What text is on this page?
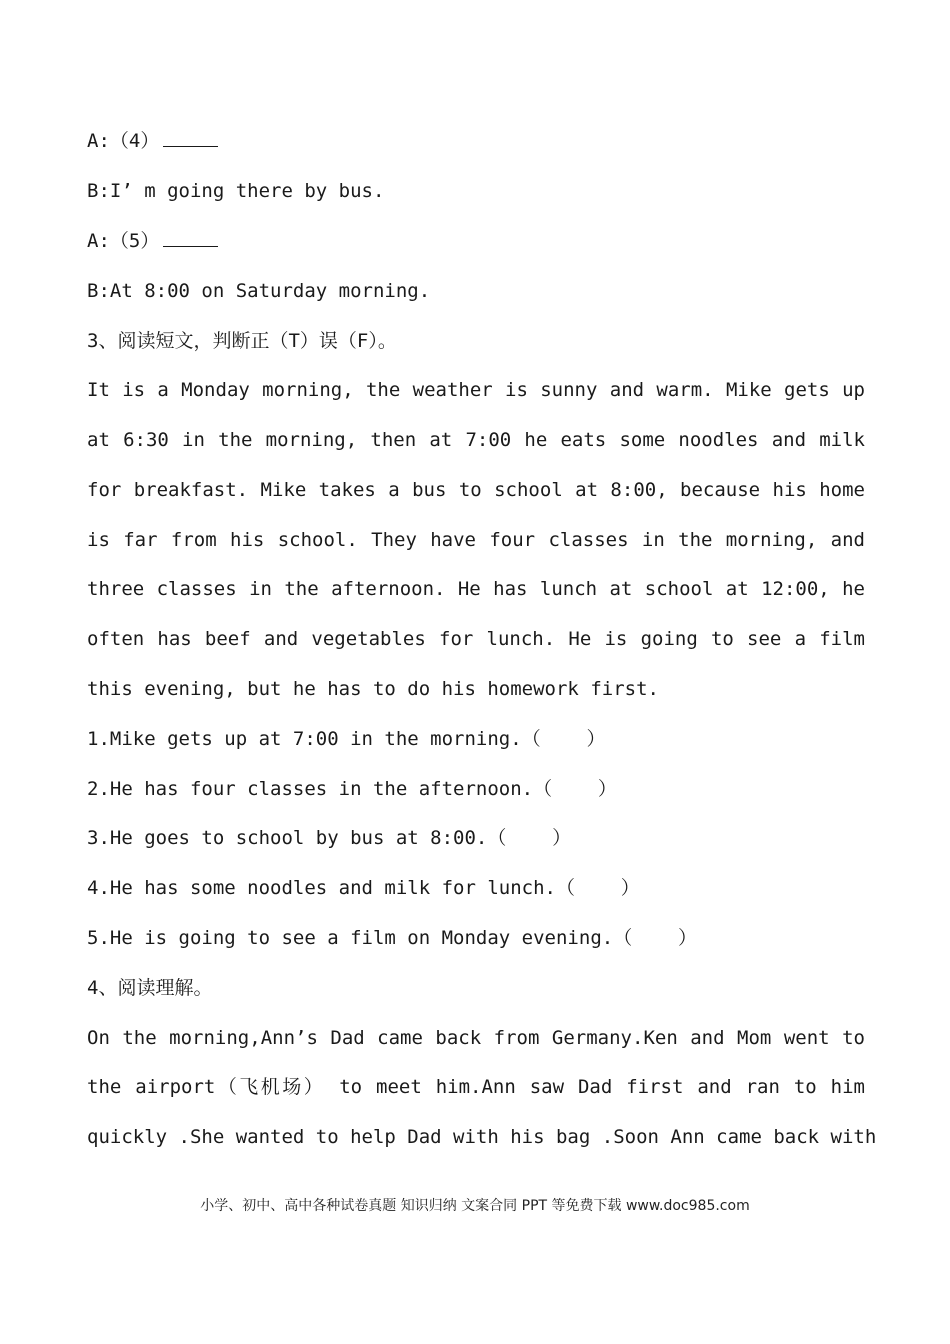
A:（4）
B:I’ m going there by bus.
A:（5）
B:At 8:00 on Saturday morning.
3、阅读短文，判断正（T）误（F）。
It is a Monday morning, the weather is sunny and warm. Mike gets up
at 6:30 in the morning, then at 7:00 he eats some noodles and milk
for breakfast. Mike takes a bus to school at 8:00, because his home
is far from his school. They have four classes in the morning, and
three classes in the afternoon. He has lunch at school at 12:00, he
often has beef and vegetables for lunch. He is going to see a film
this evening, but he has to do his homework first.
1.Mike gets up at 7:00 in the morning.（    ）
2.He has four classes in the afternoon.（    ）
3.He goes to school by bus at 8:00.（    ）
4.He has some noodles and milk for lunch.（    ）
5.He is going to see a film on Monday evening.（    ）
4、阅读理解。
On the morning,Ann’s Dad came back from Germany.Ken and Mom went to
the airport（飞机场） to meet him.Ann saw Dad first and ran to him
quickly .She wanted to help Dad with his bag .Soon Ann came back with
小学、初中、高中各种试卷真题 知识归纳 文案合同 PPT 等免费下载 www.doc985.com
